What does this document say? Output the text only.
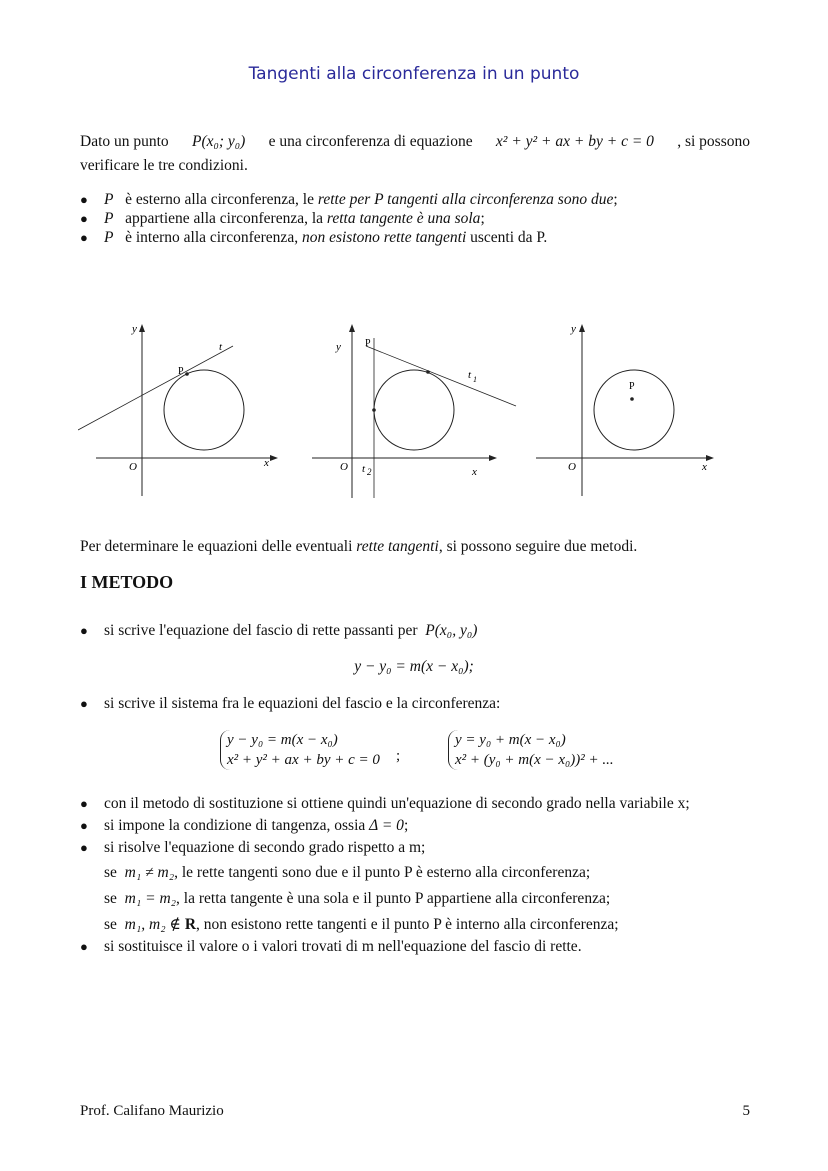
Tangenti alla circonferenza in un punto
Dato un punto P(x₀; y₀) e una circonferenza di equazione x² + y² + ax + by + c = 0 , si possono
verificare le tre condizioni.
● P è esterno alla circonferenza, le rette per P tangenti alla circonferenza sono due;
● P appartiene alla circonferenza, la retta tangente è una sola;
● P è interno alla circonferenza, non esistono rette tangenti uscenti da P.
y
x
O
P
t	y
x
O
P
t 1
t 2
y
x
O
P
Per determinare le equazioni delle eventuali rette tangenti, si possono seguire due metodi.
I METODO
● si scrive l'equazione del fascio di rette passanti per P(x₀, y₀)
y − y₀ = m(x − x₀);
● si scrive il sistema fra le equazioni del fascio e la circonferenza:
y − y₀ = m(x − x₀)
x² + y² + ax + by + c = 0 ;
y = y₀ + m(x − x₀)
x² + (y₀ + m(x − x₀))² + ...
● con il metodo di sostituzione si ottiene quindi un'equazione di secondo grado nella variabile x;
● si impone la condizione di tangenza, ossia Δ = 0;
● si risolve l'equazione di secondo grado rispetto a m;
se m₁ ≠ m₂, le rette tangenti sono due e il punto P è esterno alla circonferenza;
se m₁ = m₂, la retta tangente è una sola e il punto P appartiene alla circonferenza;
se m₁, m₂ ∉ R, non esistono rette tangenti e il punto P è interno alla circonferenza;
● si sostituisce il valore o i valori trovati di m nell'equazione del fascio di rette.
Prof. Califano Maurizio	5
